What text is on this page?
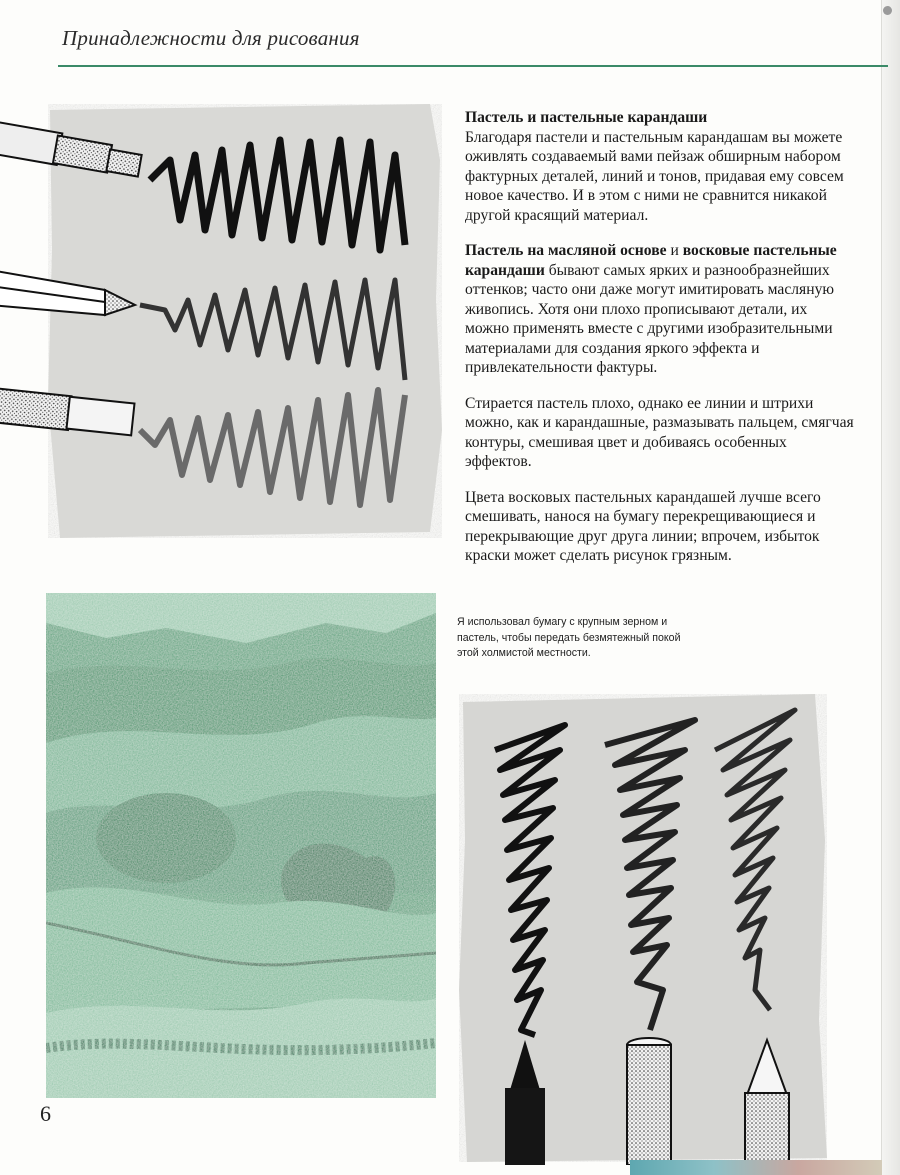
Принадлежности для рисования

Пастель и пастельные карандаши
Благодаря пастели и пастельным карандашам вы можете оживлять создаваемый вами пейзаж обширным набором фактурных деталей, линий и тонов, придавая ему совсем новое качество. И в этом с ними не сравнится никакой другой красящий материал.

Пастель на масляной основе и восковые пастельные карандаши бывают самых ярких и разнообразнейших оттенков; часто они даже могут имитировать масляную живопись. Хотя они плохо прописывают детали, их можно применять вместе с другими изобразительными материалами для создания яркого эффекта и привлекательности фактуры.

Стирается пастель плохо, однако ее линии и штрихи можно, как и карандашные, размазывать пальцем, смягчая контуры, смешивая цвет и добиваясь особенных эффектов.

Цвета восковых пастельных карандашей лучше всего смешивать, нанося на бумагу перекрещивающиеся и перекрывающие друг друга линии; впрочем, избыток краски может сделать рисунок грязным.

Я использовал бумагу с крупным зерном и пастель, чтобы передать безмятежный покой этой холмистой местности.
6
